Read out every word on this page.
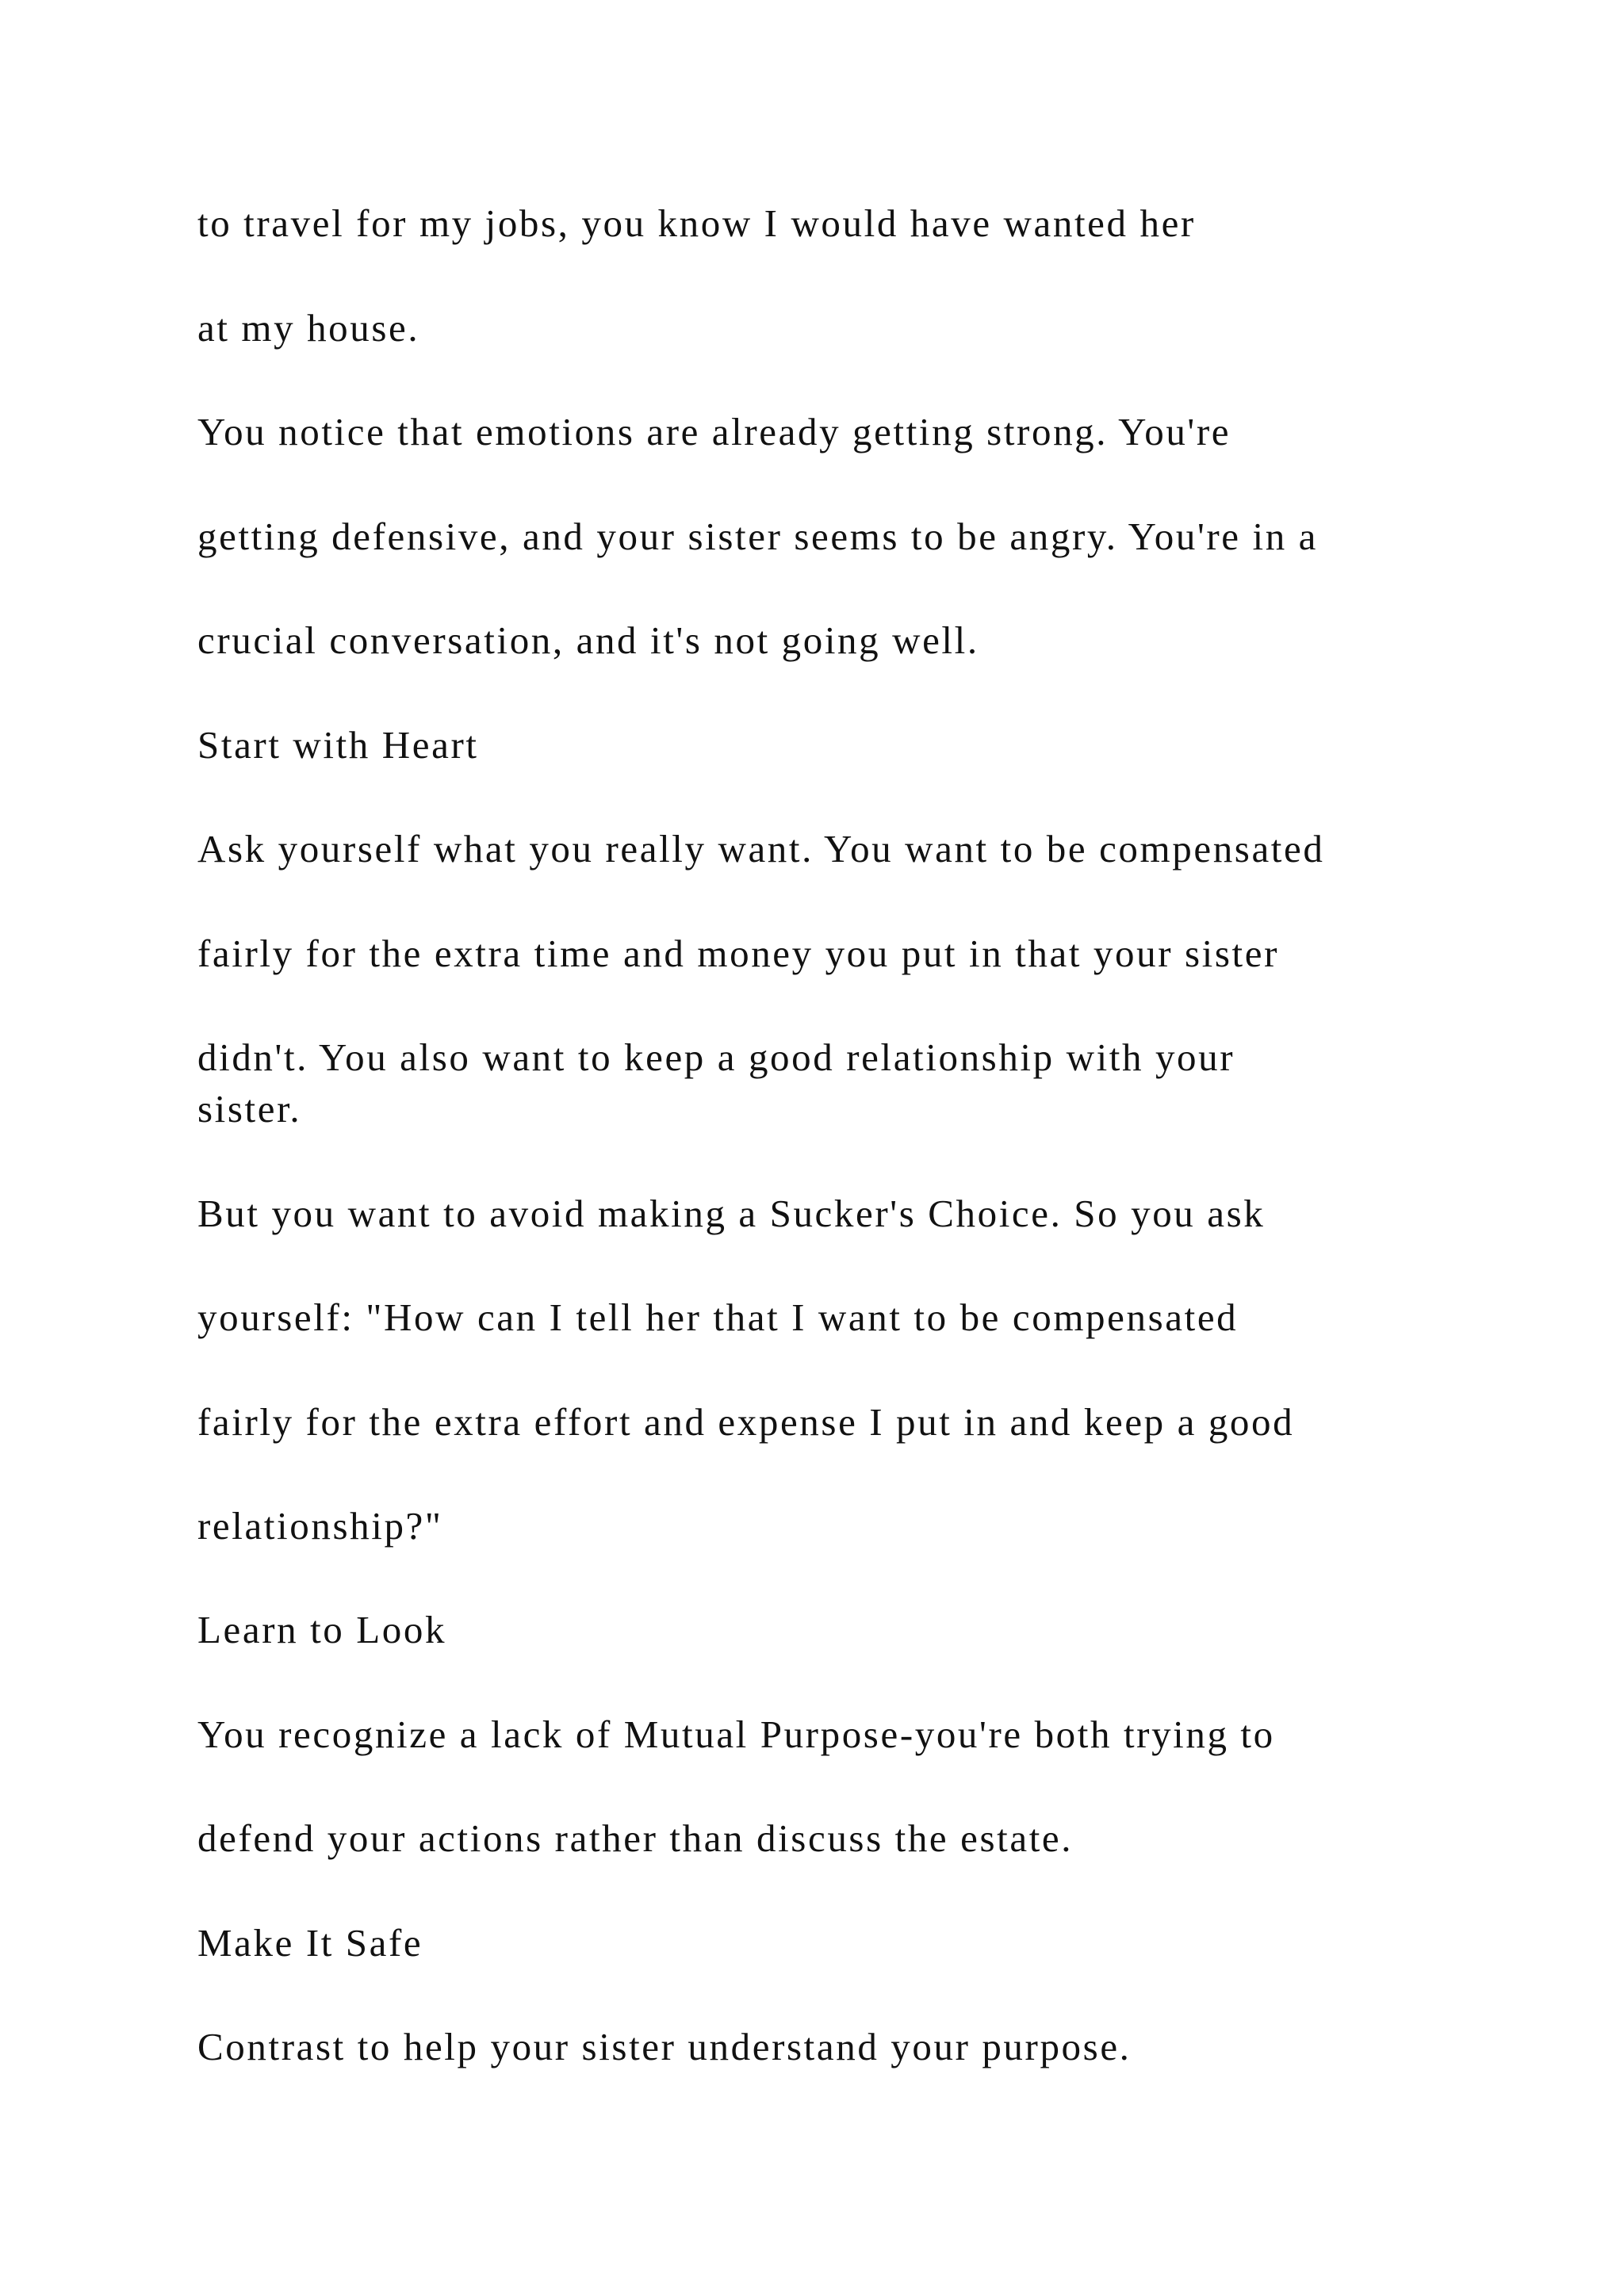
to travel for my jobs, you know I would have wanted her

at my house.

You notice that emotions are already getting strong. You're

getting defensive, and your sister seems to be angry. You're in a

crucial conversation, and it's not going well.

Start with Heart

Ask yourself what you really want. You want to be compensated

fairly for the extra time and money you put in that your sister

didn't. You also want to keep a good relationship with your

sister.

But you want to avoid making a Sucker's Choice. So you ask

yourself: "How can I tell her that I want to be compensated

fairly for the extra effort and expense I put in and keep a good

relationship?"

Learn to Look

You recognize a lack of Mutual Purpose-you're both trying to

defend your actions rather than discuss the estate.

Make It Safe

Contrast to help your sister understand your purpose.
